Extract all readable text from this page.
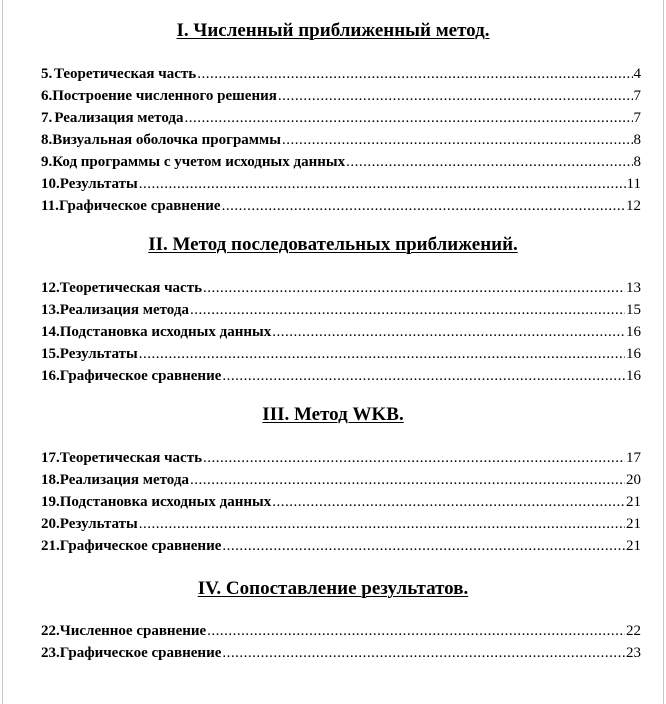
I. Численный приближенный метод.
5. Теоретическая часть .....	4
6. Построение численного решения .....	7
7. Реализация метода .....	7
8. Визуальная оболочка программы .....	8
9. Код программы с учетом исходных данных .....	8
10. Результаты .....	11
11. Графическое сравнение .....	12
II. Метод последовательных приближений.
12. Теоретическая часть .....	13
13. Реализация метода .....	15
14. Подстановка исходных данных .....	16
15. Результаты .....	16
16. Графическое сравнение .....	16
III. Метод WKB.
17. Теоретическая часть .....	17
18. Реализация метода .....	20
19. Подстановка исходных данных .....	21
20. Результаты .....	21
21. Графическое сравнение .....	21
IV. Сопоставление результатов.
22. Численное сравнение .....	22
23. Графическое сравнение .....	23
